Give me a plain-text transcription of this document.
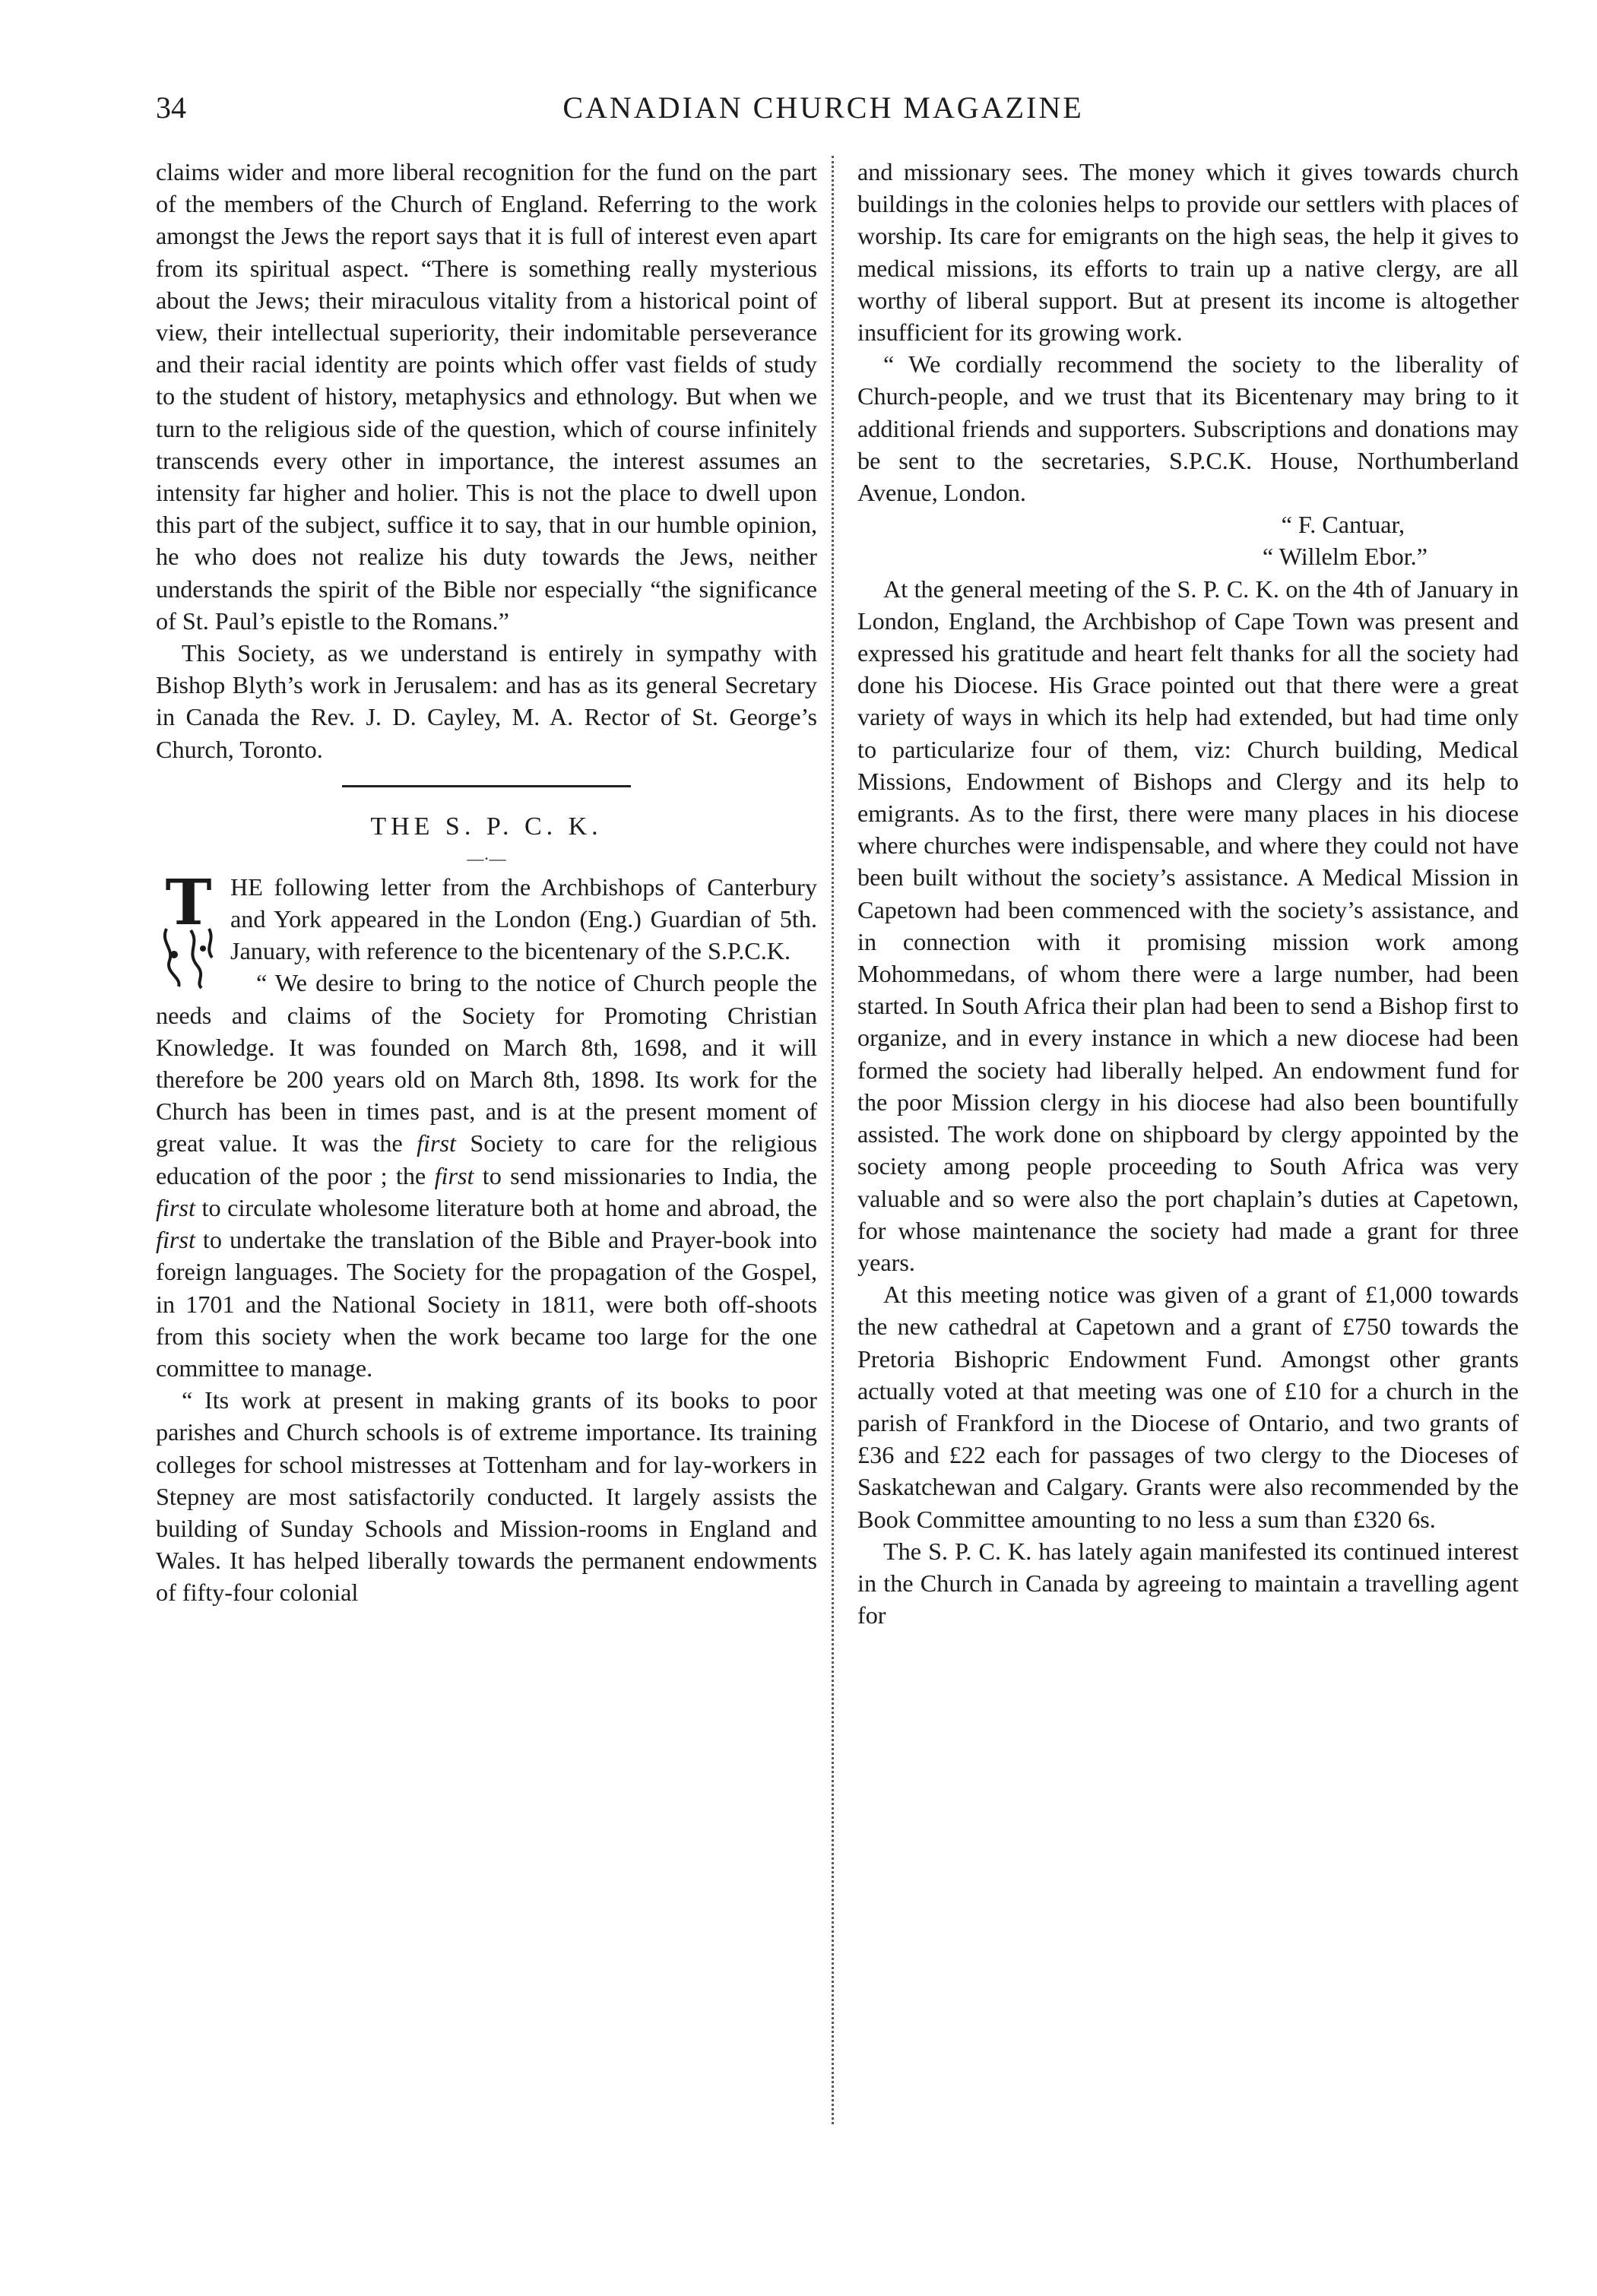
34	CANADIAN CHURCH MAGAZINE

claims wider and more liberal recognition for the fund on the part of the members of the Church of England. Referring to the work amongst the Jews the report says that it is full of interest even apart from its spiritual aspect. “There is something really mysterious about the Jews; their miraculous vitality from a historical point of view, their intellectual superiority, their indomitable perseverance and their racial identity are points which offer vast fields of study to the student of history, metaphysics and ethnology. But when we turn to the religious side of the question, which of course infinitely transcends every other in importance, the interest assumes an intensity far higher and holier. This is not the place to dwell upon this part of the subject, suffice it to say, that in our humble opinion, he who does not realize his duty towards the Jews, neither understands the spirit of the Bible nor especially “the significance of St. Paul’s epistle to the Romans.”

This Society, as we understand is entirely in sympathy with Bishop Blyth’s work in Jerusalem: and has as its general Secretary in Canada the Rev. J. D. Cayley, M. A. Rector of St. George’s Church, Toronto.

THE S. P. C. K.
—·—
T HE following letter from the Archbishops of Canterbury and York appeared in the London (Eng.) Guardian of 5th. January, with reference to the bicentenary of the S.P.C.K.

“ We desire to bring to the notice of Church people the needs and claims of the Society for Promoting Christian Knowledge. It was founded on March 8th, 1698, and it will therefore be 200 years old on March 8th, 1898. Its work for the Church has been in times past, and is at the present moment of great value. It was the first Society to care for the religious education of the poor ; the first to send missionaries to India, the first to circulate wholesome literature both at home and abroad, the first to undertake the translation of the Bible and Prayer-book into foreign languages. The Society for the propagation of the Gospel, in 1701 and the National Society in 1811, were both off-shoots from this society when the work became too large for the one committee to manage.

“ Its work at present in making grants of its books to poor parishes and Church schools is of extreme importance. Its training colleges for school mistresses at Tottenham and for lay-workers in Stepney are most satisfactorily conducted. It largely assists the building of Sunday Schools and Mission-rooms in England and Wales. It has helped liberally towards the permanent endowments of fifty-four colonial

and missionary sees. The money which it gives towards church buildings in the colonies helps to provide our settlers with places of worship. Its care for emigrants on the high seas, the help it gives to medical missions, its efforts to train up a native clergy, are all worthy of liberal support. But at present its income is altogether insufficient for its growing work.

“ We cordially recommend the society to the liberality of Church-people, and we trust that its Bicentenary may bring to it additional friends and supporters. Subscriptions and donations may be sent to the secretaries, S.P.C.K. House, Northumberland Avenue, London.

“ F. Cantuar,

“ Willelm Ebor.”

At the general meeting of the S. P. C. K. on the 4th of January in London, England, the Archbishop of Cape Town was present and expressed his gratitude and heart felt thanks for all the society had done his Diocese. His Grace pointed out that there were a great variety of ways in which its help had extended, but had time only to particularize four of them, viz: Church building, Medical Missions, Endowment of Bishops and Clergy and its help to emigrants. As to the first, there were many places in his diocese where churches were indispensable, and where they could not have been built without the society’s assistance. A Medical Mission in Capetown had been commenced with the society’s assistance, and in connection with it promising mission work among Mohommedans, of whom there were a large number, had been started. In South Africa their plan had been to send a Bishop first to organize, and in every instance in which a new diocese had been formed the society had liberally helped. An endowment fund for the poor Mission clergy in his diocese had also been bountifully assisted. The work done on shipboard by clergy appointed by the society among people proceeding to South Africa was very valuable and so were also the port chaplain’s duties at Capetown, for whose maintenance the society had made a grant for three years.

At this meeting notice was given of a grant of £1,000 towards the new cathedral at Capetown and a grant of £750 towards the Pretoria Bishopric Endowment Fund. Amongst other grants actually voted at that meeting was one of £10 for a church in the parish of Frankford in the Diocese of Ontario, and two grants of £36 and £22 each for passages of two clergy to the Dioceses of Saskatchewan and Calgary. Grants were also recommended by the Book Committee amounting to no less a sum than £320 6s.

The S. P. C. K. has lately again manifested its continued interest in the Church in Canada by agreeing to maintain a travelling agent for
